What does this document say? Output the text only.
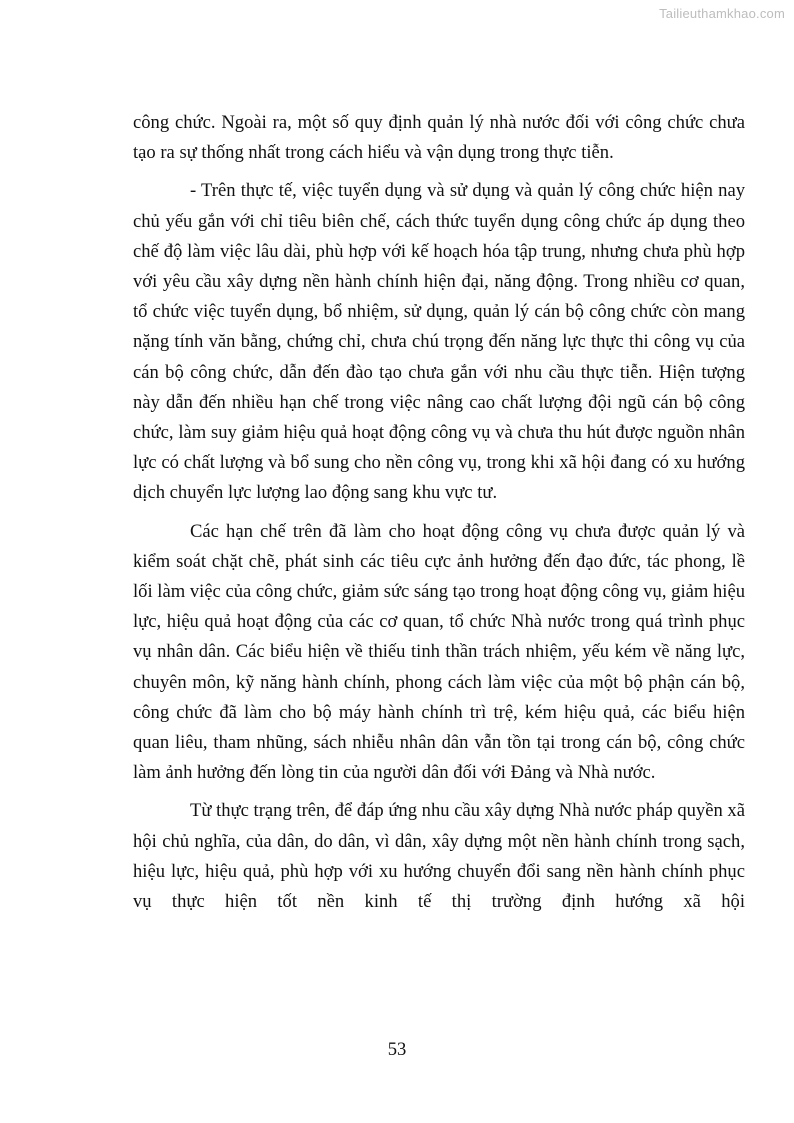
Tailieuthamkhao.com

công chức. Ngoài ra, một số quy định quản lý nhà nước đối với công chức chưa tạo ra sự thống nhất trong cách hiểu và vận dụng trong thực tiễn.

- Trên thực tế, việc tuyển dụng và sử dụng và quản lý công chức hiện nay chủ yếu gắn với chỉ tiêu biên chế, cách thức tuyển dụng công chức áp dụng theo chế độ làm việc lâu dài, phù hợp với kế hoạch hóa tập trung, nhưng chưa phù hợp với yêu cầu xây dựng nền hành chính hiện đại, năng động. Trong nhiều cơ quan, tổ chức việc tuyển dụng, bổ nhiệm, sử dụng, quản lý cán bộ công chức còn mang nặng tính văn bằng, chứng chỉ, chưa chú trọng đến năng lực thực thi công vụ của cán bộ công chức, dẫn đến đào tạo chưa gắn với nhu cầu thực tiễn. Hiện tượng này dẫn đến nhiều hạn chế trong việc nâng cao chất lượng đội ngũ cán bộ công chức, làm suy giảm hiệu quả hoạt động công vụ và chưa thu hút được nguồn nhân lực có chất lượng và bổ sung cho nền công vụ, trong khi xã hội đang có xu hướng dịch chuyển lực lượng lao động sang khu vực tư.

Các hạn chế trên đã làm cho hoạt động công vụ chưa được quản lý và kiểm soát chặt chẽ, phát sinh các tiêu cực ảnh hưởng đến đạo đức, tác phong, lề lối làm việc của công chức, giảm sức sáng tạo trong hoạt động công vụ, giảm hiệu lực, hiệu quả hoạt động của các cơ quan, tổ chức Nhà nước trong quá trình phục vụ nhân dân. Các biểu hiện về thiếu tinh thần trách nhiệm, yếu kém về năng lực, chuyên môn, kỹ năng hành chính, phong cách làm việc của một bộ phận cán bộ, công chức đã làm cho bộ máy hành chính trì trệ, kém hiệu quả, các biểu hiện quan liêu, tham nhũng, sách nhiễu nhân dân vẫn tồn tại trong cán bộ, công chức làm ảnh hưởng đến lòng tin của người dân đối với Đảng và Nhà nước.

Từ thực trạng trên, để đáp ứng nhu cầu xây dựng Nhà nước pháp quyền xã hội chủ nghĩa, của dân, do dân, vì dân, xây dựng một nền hành chính trong sạch, hiệu lực, hiệu quả, phù hợp với xu hướng chuyển đổi sang nền hành chính phục vụ thực hiện tốt nền kinh tế thị trường định hướng xã hội

53
